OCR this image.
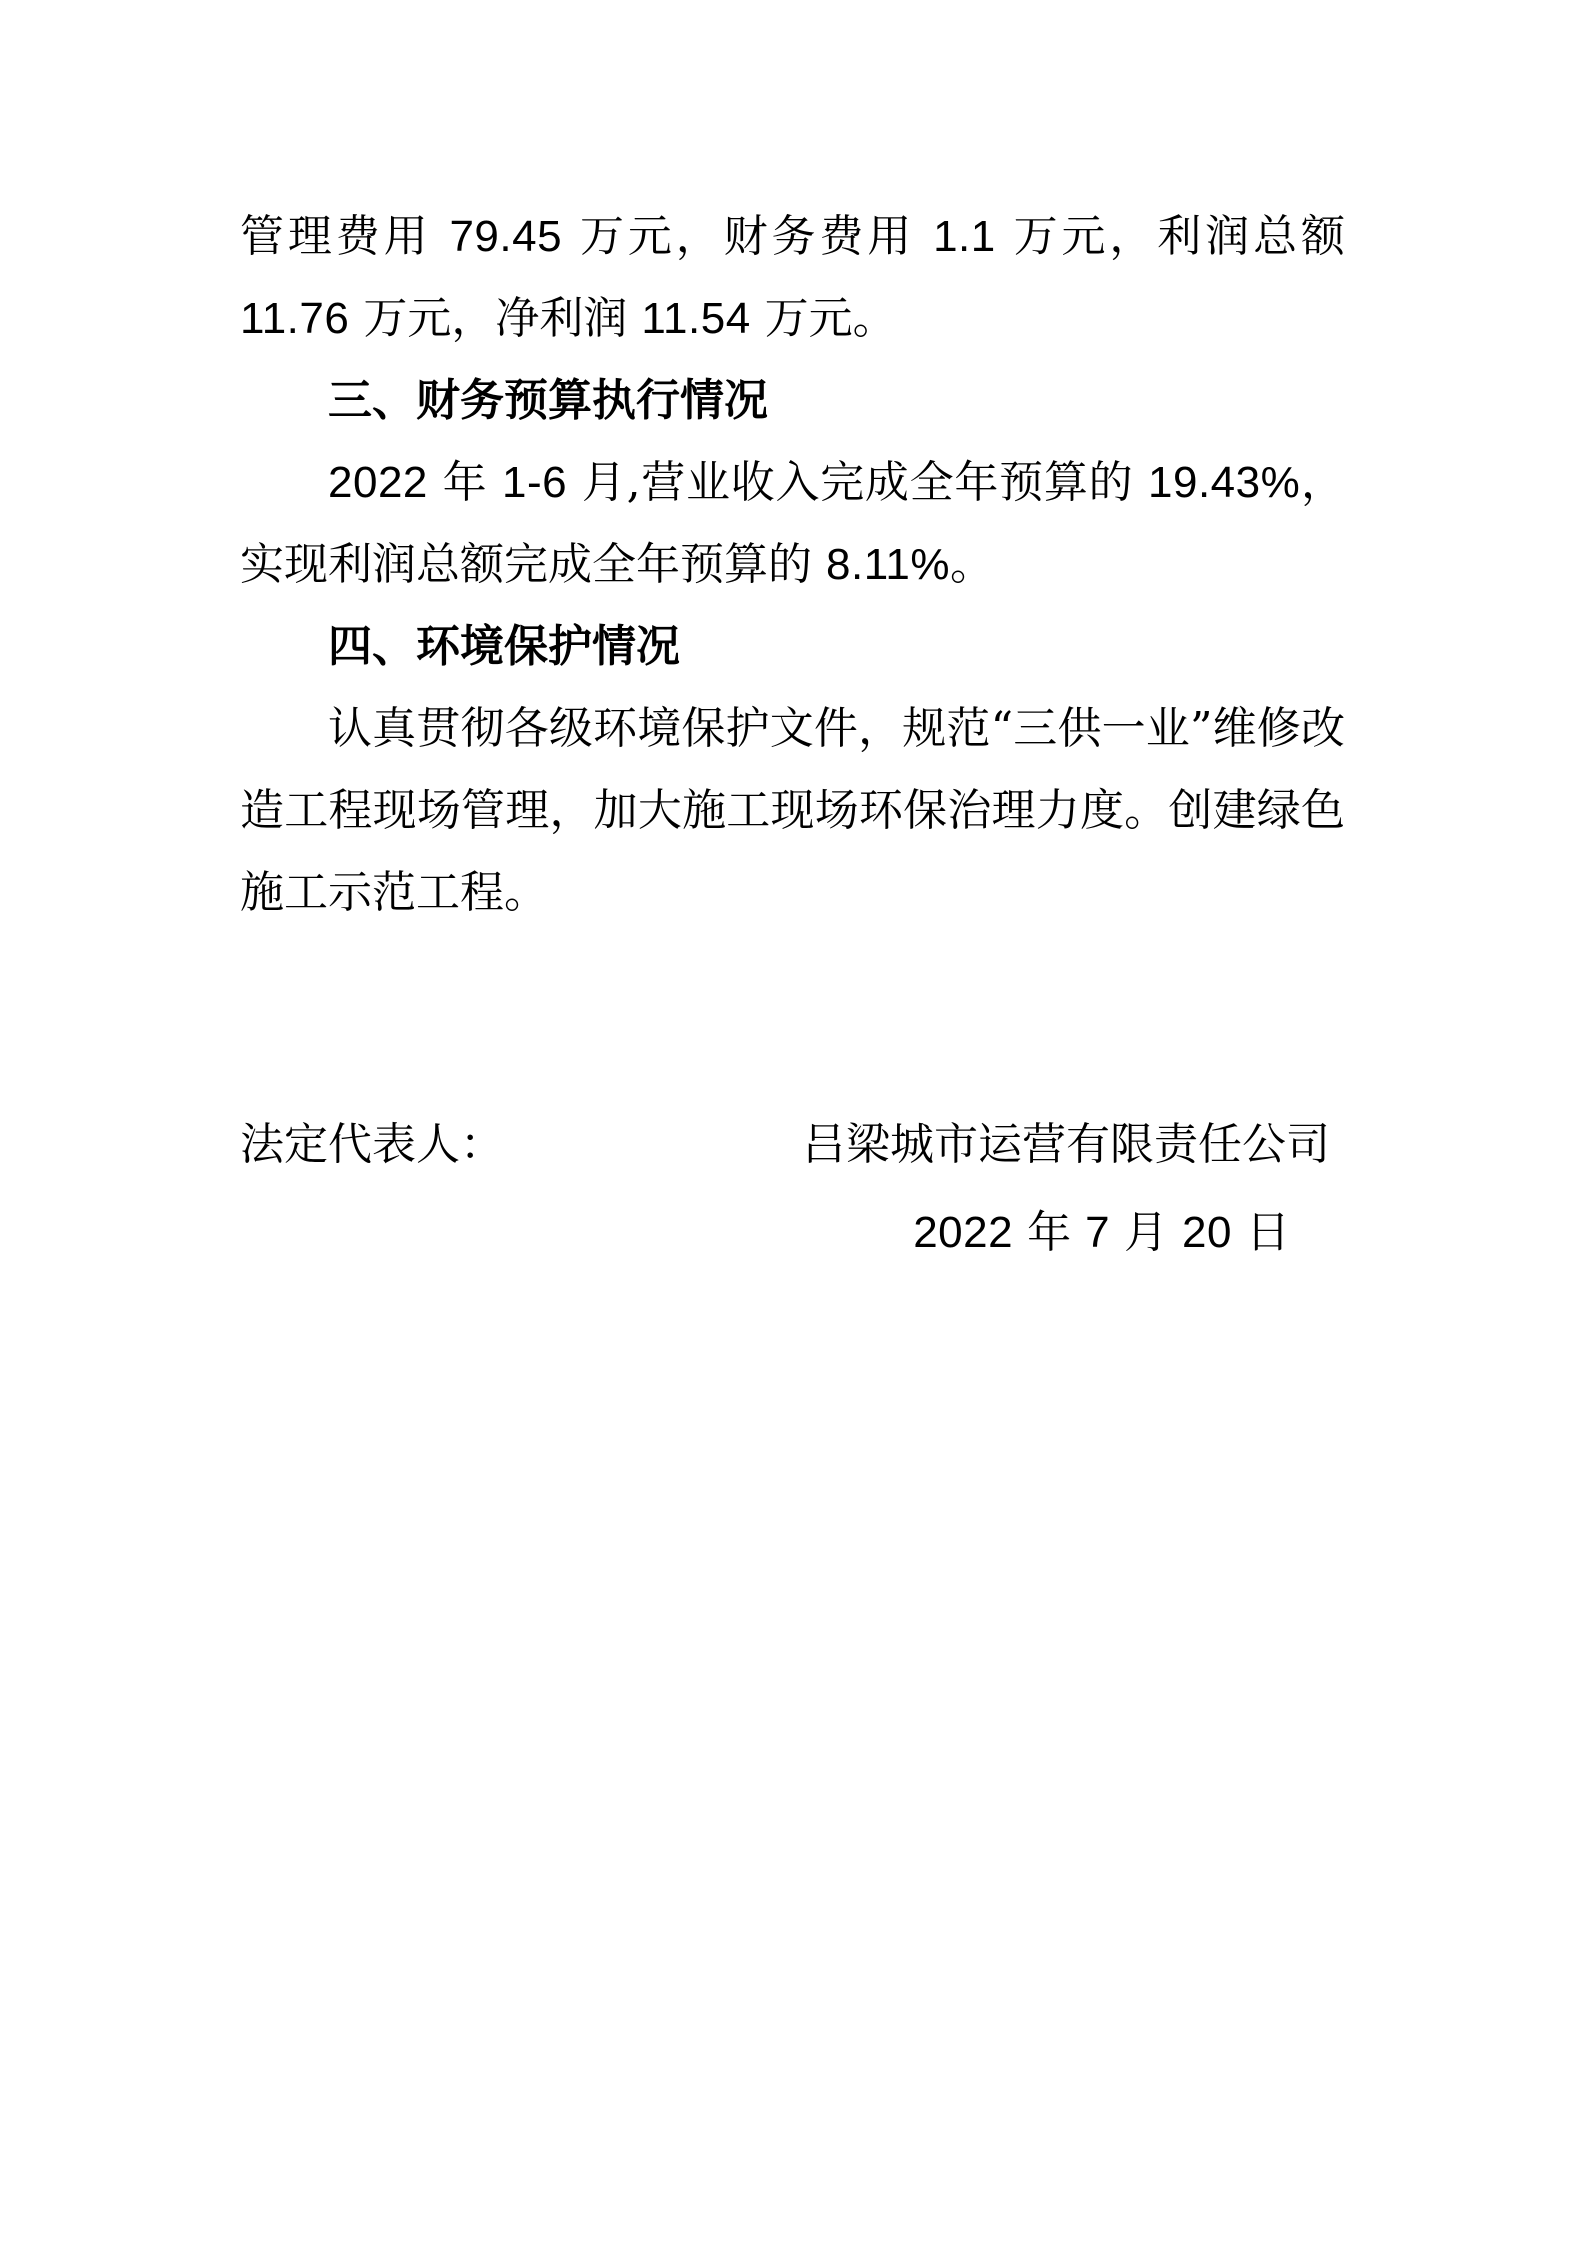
管理费用 79.45 万元，财务费用 1.1 万元，利润总额 11.76 万元，净利润 11.54 万元。

三、财务预算执行情况

2022 年 1-6 月,营业收入完成全年预算的 19.43%，实现利润总额完成全年预算的 8.11%。

四、环境保护情况

认真贯彻各级环境保护文件，规范“三供一业”维修改造工程现场管理，加大施工现场环保治理力度。创建绿色施工示范工程。

法定代表人：	吕梁城市运营有限责任公司
2022 年 7 月 20 日
